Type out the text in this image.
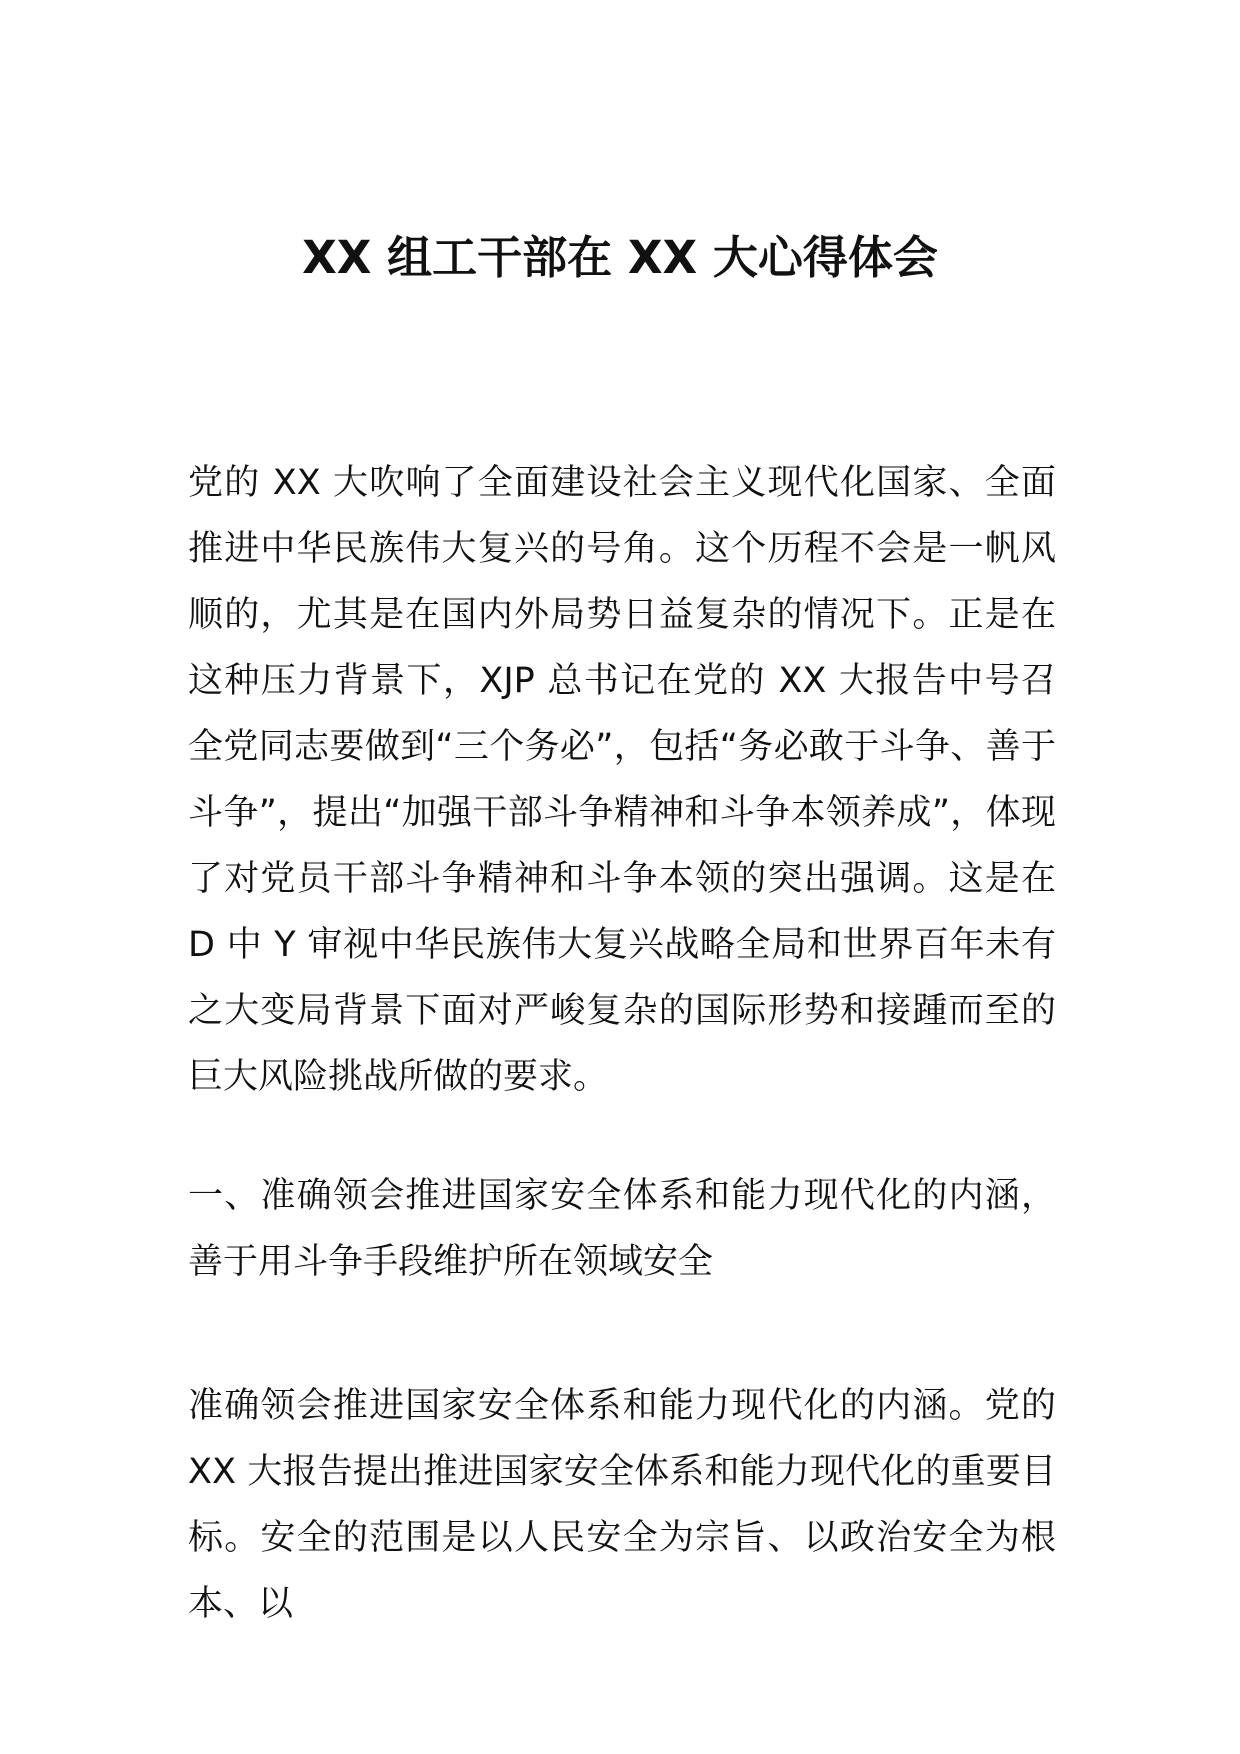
XX 组工干部在 XX 大心得体会

党的 XX 大吹响了全面建设社会主义现代化国家、全面推进中华民族伟大复兴的号角。这个历程不会是一帆风顺的，尤其是在国内外局势日益复杂的情况下。正是在这种压力背景下，XJP 总书记在党的 XX 大报告中号召全党同志要做到“三个务必”，包括“务必敢于斗争、善于斗争”，提出“加强干部斗争精神和斗争本领养成”，体现了对党员干部斗争精神和斗争本领的突出强调。这是在 D 中 Y 审视中华民族伟大复兴战略全局和世界百年未有之大变局背景下面对严峻复杂的国际形势和接踵而至的巨大风险挑战所做的要求。

一、准确领会推进国家安全体系和能力现代化的内涵，善于用斗争手段维护所在领域安全

准确领会推进国家安全体系和能力现代化的内涵。党的 XX 大报告提出推进国家安全体系和能力现代化的重要目标。安全的范围是以人民安全为宗旨、以政治安全为根本、以
